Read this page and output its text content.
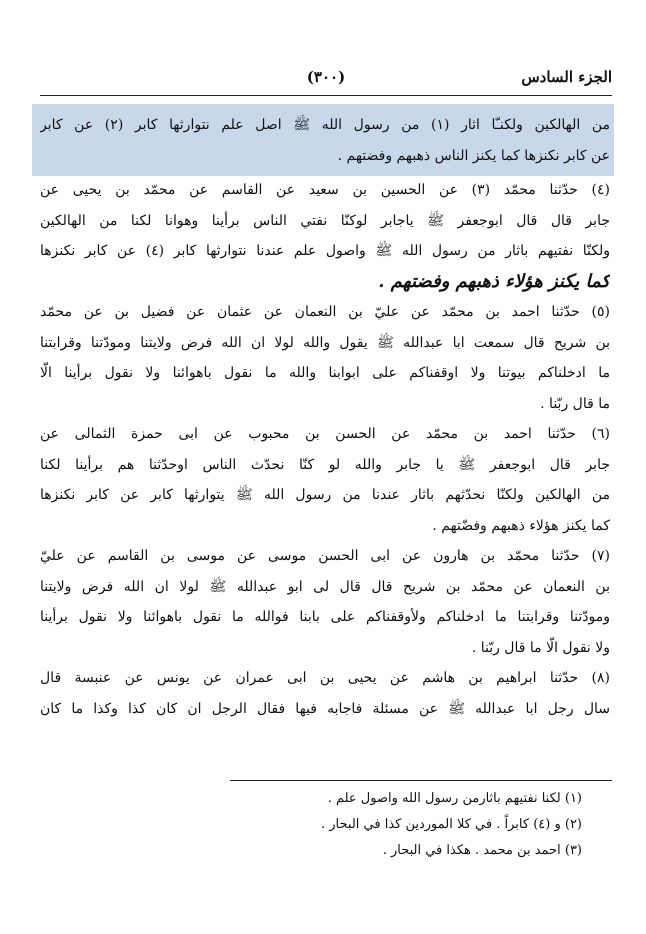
الجزء السادس
(٣٠٠)
من الهالكين ولكنـّا اثار (١) من رسول الله ﷺ اصل علم نتوارثها كابر (٢) عن كابر
عن كابر نكنزها كما يكنز الناس ذهبهم وفضتهم .
(٤) حدّثنا محمّد (٣) عن الحسين بن سعيد عن القاسم عن محمّد بن يحيى عن
جابر قال قال ابوجعفر ﷺ ياجابر لوكنّا نفتي الناس برأينا وهوانا لكنا من الهالكين
ولكنّا نفتيهم باثار من رسول الله ﷺ واصول علم عندنا نتوارثها كابر (٤) عن كابر نكنزها
كما يكنز هؤلاء ذهبهم وفضتهم .
(٥) حدّثنا احمد بن محمّد عن عليّ بن النعمان عن عثمان عن فضيل بن عن محمّد
بن شريح قال سمعت ابا عبدالله ﷺ يقول والله لولا ان الله فرض ولايتنا ومودّتنا وقرابتنا
ما ادخلناكم بيوتنا ولا اوقفناكم على ابوابنا والله ما نقول باهوائنا ولا نقول برأينا الّا
ما قال ربّنا .
(٦) حدّثنا احمد بن محمّد عن الحسن بن محبوب عن ابى حمزة الثمالى عن
جابر قال ابوجعفر ﷺ يا جابر والله لو كنّا نحدّث الناس اوحدّثنا هم برأينا لكنا
من الهالكين ولكنّا نحدّثهم باثار عندنا من رسول الله ﷺ يتوارثها كابر عن كابر نكنزها
كما يكنز هؤلاء ذهبهم وفضّتهم .
(٧) حدّثنا محمّد بن هارون عن ابى الحسن موسى عن موسى بن القاسم عن عليّ
بن النعمان عن محمّد بن شريح قال قال لى ابو عبدالله ﷺ لولا ان الله فرض ولايتنا
ومودّتنا وقرابتنا ما ادخلناكم ولأوقفناكم على بابنا فوالله ما نقول باهوائنا ولا نقول برأينا
ولا نقول الّا ما قال ربّنا .
(٨) حدّثنا ابراهيم بن هاشم عن يحيى بن ابى عمران عن يونس عن عنبسة قال
سال رجل ابا عبدالله ﷺ عن مسئلة فاجابه فيها فقال الرجل ان كان كذا وكذا ما كان
(١) لكنا نفتيهم باثارمن رسول الله واصول علم .
(٢) و (٤) كابراً . في كلا الموردين كذا في البحار .
(٣) احمد بن محمد . هكذا في البحار .
